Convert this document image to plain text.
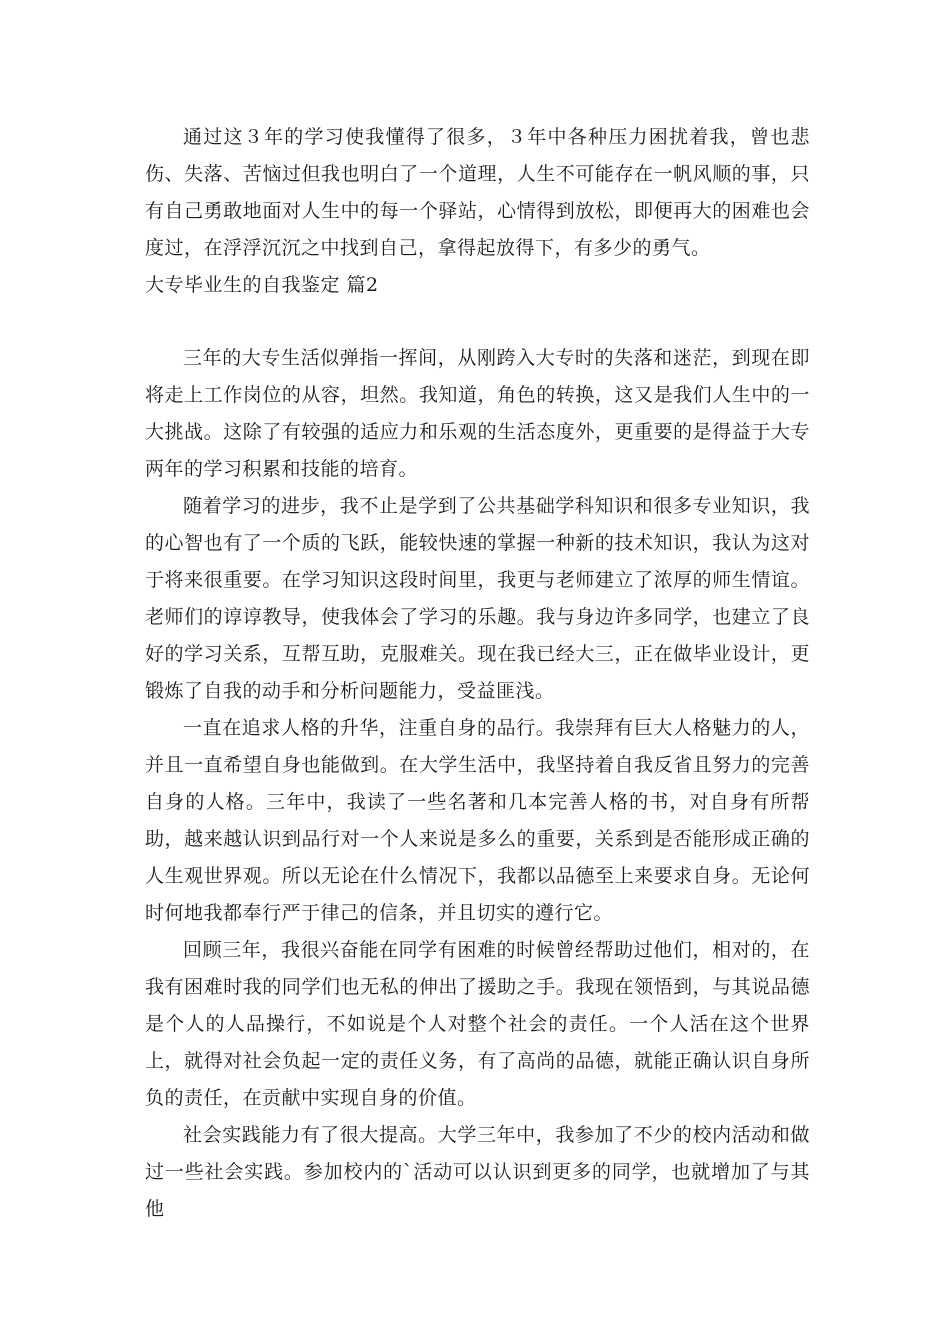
通过这３年的学习使我懂得了很多，３年中各种压力困扰着我，曾也悲伤、失落、苦恼过但我也明白了一个道理，人生不可能存在一帆风顺的事，只有自己勇敢地面对人生中的每一个驿站，心情得到放松，即便再大的困难也会度过，在浮浮沉沉之中找到自己，拿得起放得下，有多少的勇气。

大专毕业生的自我鉴定 篇2

三年的大专生活似弹指一挥间，从刚跨入大专时的失落和迷茫，到现在即将走上工作岗位的从容，坦然。我知道，角色的转换，这又是我们人生中的一大挑战。这除了有较强的适应力和乐观的生活态度外，更重要的是得益于大专两年的学习积累和技能的培育。

随着学习的进步，我不止是学到了公共基础学科知识和很多专业知识，我的心智也有了一个质的飞跃，能较快速的掌握一种新的技术知识，我认为这对于将来很重要。在学习知识这段时间里，我更与老师建立了浓厚的师生情谊。老师们的谆谆教导，使我体会了学习的乐趣。我与身边许多同学，也建立了良好的学习关系，互帮互助，克服难关。现在我已经大三，正在做毕业设计，更锻炼了自我的动手和分析问题能力，受益匪浅。

一直在追求人格的升华，注重自身的品行。我崇拜有巨大人格魅力的人，并且一直希望自身也能做到。在大学生活中，我坚持着自我反省且努力的完善自身的人格。三年中，我读了一些名著和几本完善人格的书，对自身有所帮助，越来越认识到品行对一个人来说是多么的重要，关系到是否能形成正确的人生观世界观。所以无论在什么情况下，我都以品德至上来要求自身。无论何时何地我都奉行严于律己的信条，并且切实的遵行它。

回顾三年，我很兴奋能在同学有困难的时候曾经帮助过他们，相对的，在我有困难时我的同学们也无私的伸出了援助之手。我现在领悟到，与其说品德是个人的人品操行，不如说是个人对整个社会的责任。一个人活在这个世界上，就得对社会负起一定的责任义务，有了高尚的品德，就能正确认识自身所负的责任，在贡献中实现自身的价值。

社会实践能力有了很大提高。大学三年中，我参加了不少的校内活动和做过一些社会实践。参加校内的`活动可以认识到更多的同学，也就增加了与其他
